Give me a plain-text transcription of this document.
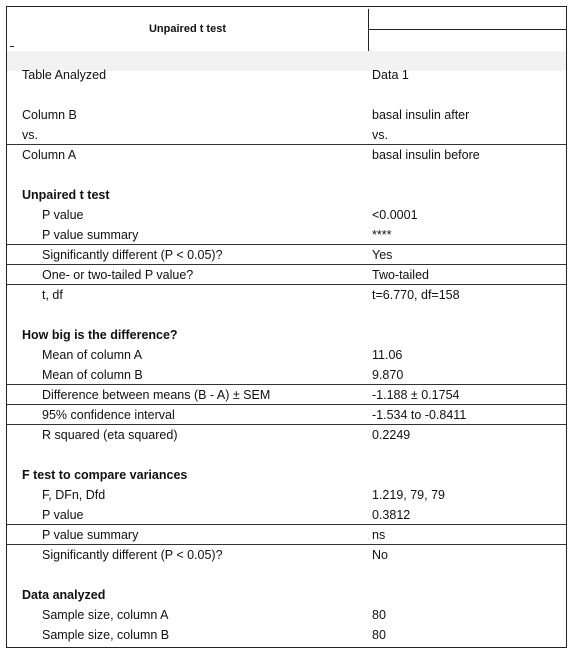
Unpaired t test
Table Analyzed	Data 1
Column B	basal insulin after
vs.	vs.
Column A	basal insulin before
Unpaired t test
P value	<0.0001
P value summary	****
Significantly different (P < 0.05)?	Yes
One- or two-tailed P value?	Two-tailed
t, df	t=6.770, df=158
How big is the difference?
Mean of column A	11.06
Mean of column B	9.870
Difference between means (B - A) ± SEM	-1.188 ± 0.1754
95% confidence interval	-1.534 to -0.8411
R squared (eta squared)	0.2249
F test to compare variances
F, DFn, Dfd	1.219, 79, 79
P value	0.3812
P value summary	ns
Significantly different (P < 0.05)?	No
Data analyzed
Sample size, column A	80
Sample size, column B	80
